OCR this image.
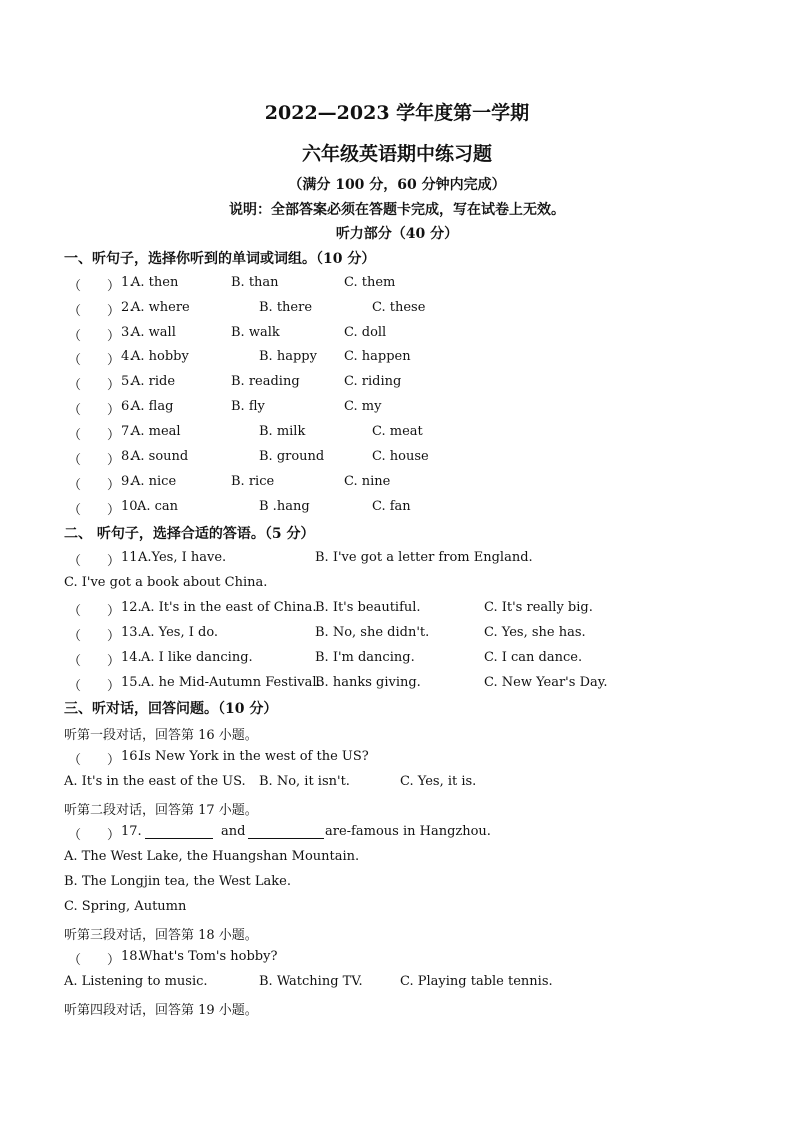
2022—2023 学年度第一学期
六年级英语期中练习题
（满分 100 分，60 分钟内完成）
说明：全部答案必须在答题卡完成，写在试卷上无效。
听力部分（40 分）
一、听句子，选择你听到的单词或词组。（10 分）
（ ） 1.
A. then	B. than	C. them
（ ） 2.
A. where	B. there	C. these
（ ） 3.
A. wall	B. walk	C. doll
（ ） 4.
A. hobby	B. happy C. happen
（ ） 5.
A. ride	B. reading	C. riding
（ ） 6.
A. flag	B. fly	C. my
（ ） 7.
A. meal	B. milk	C. meat
（ ） 8.
A. sound	B. ground	C. house
（ ） 9.
A. nice	B. rice	C. nine
（ ） 10.
A. can	B .hang	C. fan
二、 听句子，选择合适的答语。（5 分）
（ ） 11.
A.Yes, I have.	B. I've got a letter from England.
C. I've got a book about China.
（ ） 12. A. It's in the east of China.
B. It's beautiful.	C. It's really big.
（ ） 13. A. Yes, I do.	B. No, she didn't.	C. Yes, she has.
（ ） 14. A. I like dancing.	B. I'm dancing.	C. I can dance.
（ ） 15. A. he Mid-Autumn Festival.
B. hanks giving.	C. New Year's Day.
三、听对话，回答问题。（10 分）
听第一段对话，回答第 16 小题。
（ ） 16.
Is New York in the west of the US?
A. It's in the east of the US. B. No, it isn't.	C. Yes, it is.
听第二段对话，回答第 17 小题。
（ ） 17.	and	are-famous in Hangzhou.
A. The West Lake, the Huangshan Mountain.
B. The Longjin tea, the West Lake.
C. Spring, Autumn
听第三段对话，回答第 18 小题。
（ ） 18.
What's Tom's hobby?
A. Listening to music.	B. Watching TV.	C. Playing table tennis.
听第四段对话，回答第 19 小题。
